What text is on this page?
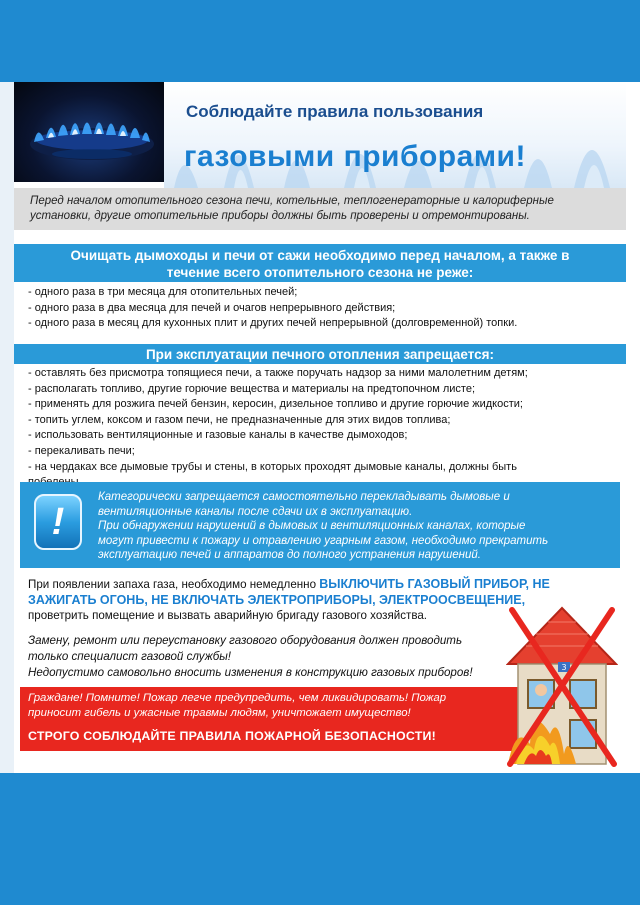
Соблюдайте правила пользования
газовыми приборами!
Перед началом отопительного сезона печи, котельные, теплогенераторные и калориферные
установки, другие отопительные приборы должны быть проверены и отремонтированы.
Очищать дымоходы и печи от сажи необходимо перед началом, а также в
течение всего отопительного сезона не реже:
- одного раза в три месяца для отопительных печей;
- одного раза в два месяца для печей и очагов непрерывного действия;
- одного раза в месяц для кухонных плит и других печей непрерывной (долговременной) топки.
При эксплуатации печного отопления запрещается:
- оставлять без присмотра топящиеся печи, а также поручать надзор за ними малолетним детям;
- располагать топливо, другие горючие вещества и материалы на предтопочном листе;
- применять для розжига печей бензин, керосин, дизельное топливо и другие горючие жидкости;
- топить углем, коксом и газом печи, не предназначенные для этих видов топлива;
- использовать вентиляционные и газовые каналы в качестве дымоходов;
- перекаливать печи;
- на чердаках все дымовые трубы и стены, в которых проходят дымовые каналы, должны быть
!
Категорически запрещается самостоятельно перекладывать дымовые и
вентиляционные каналы после сдачи их в эксплуатацию.
При обнаружении нарушений в дымовых и вентиляционных каналах, которые
могут привести к пожару и отравлению угарным газом, необходимо прекратить
эксплуатацию печей и аппаратов до полного устранения нарушений.
При появлении запаха газа, необходимо немедленно ВЫКЛЮЧИТЬ ГАЗОВЫЙ ПРИБОР, НЕ
ЗАЖИГАТЬ ОГОНЬ, НЕ ВКЛЮЧАТЬ ЭЛЕКТРОПРИБОРЫ, ЭЛЕКТРООСВЕЩЕНИЕ,
проветрить помещение и вызвать аварийную бригаду газового хозяйства.
Замену, ремонт или переустановку газового оборудования должен проводить
только специалист газовой службы!
Недопустимо самовольно вносить изменения в конструкцию газовых приборов!
Граждане! Помните! Пожар легче предупредить, чем ликвидировать! Пожар
приносит гибель и ужасные травмы людям, уничтожает имущество!
СТРОГО СОБЛЮДАЙТЕ ПРАВИЛА ПОЖАРНОЙ БЕЗОПАСНОСТИ!
3
